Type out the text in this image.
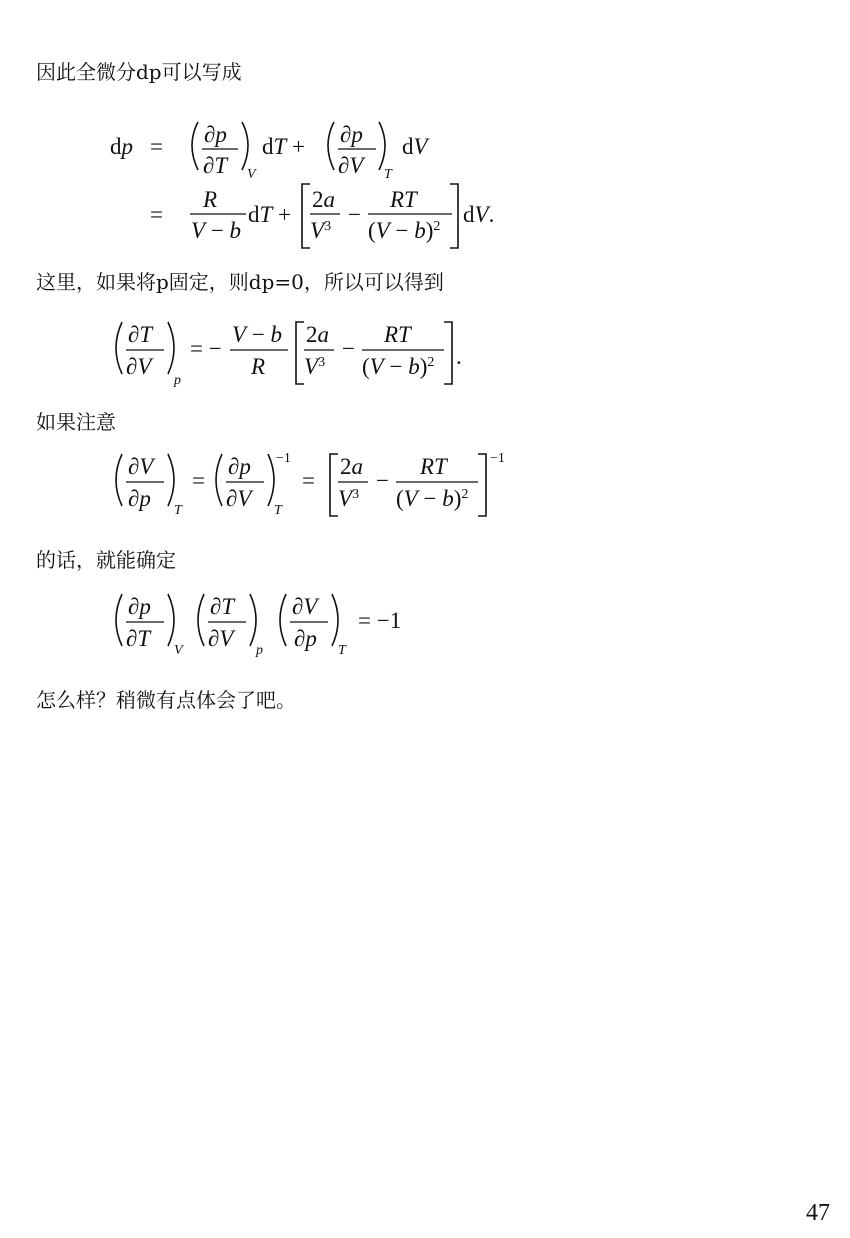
因此全微分dp可以写成
dp = ∂p
∂T V
dT + ∂p
∂V T
dV
=
R
V − b
dT +
2a
$V^3$ −
RT
$(V - b)^2$ dV.
这里，如果将p固定，则dp=0，所以可以得到
∂T
∂V
p
= −
V − b
R
2a
$V^3$
−
RT
$(V - b)^2$ .
如果注意
∂V
∂p T
=
∂p
∂V
−1
T
=
2a
$V^3$
−
RT
$(V - b)^2$
−1
的话，就能确定
∂p
∂T V
∂T
∂V p
∂V
∂p T
= −1
怎么样？稍微有点体会了吧。
47
